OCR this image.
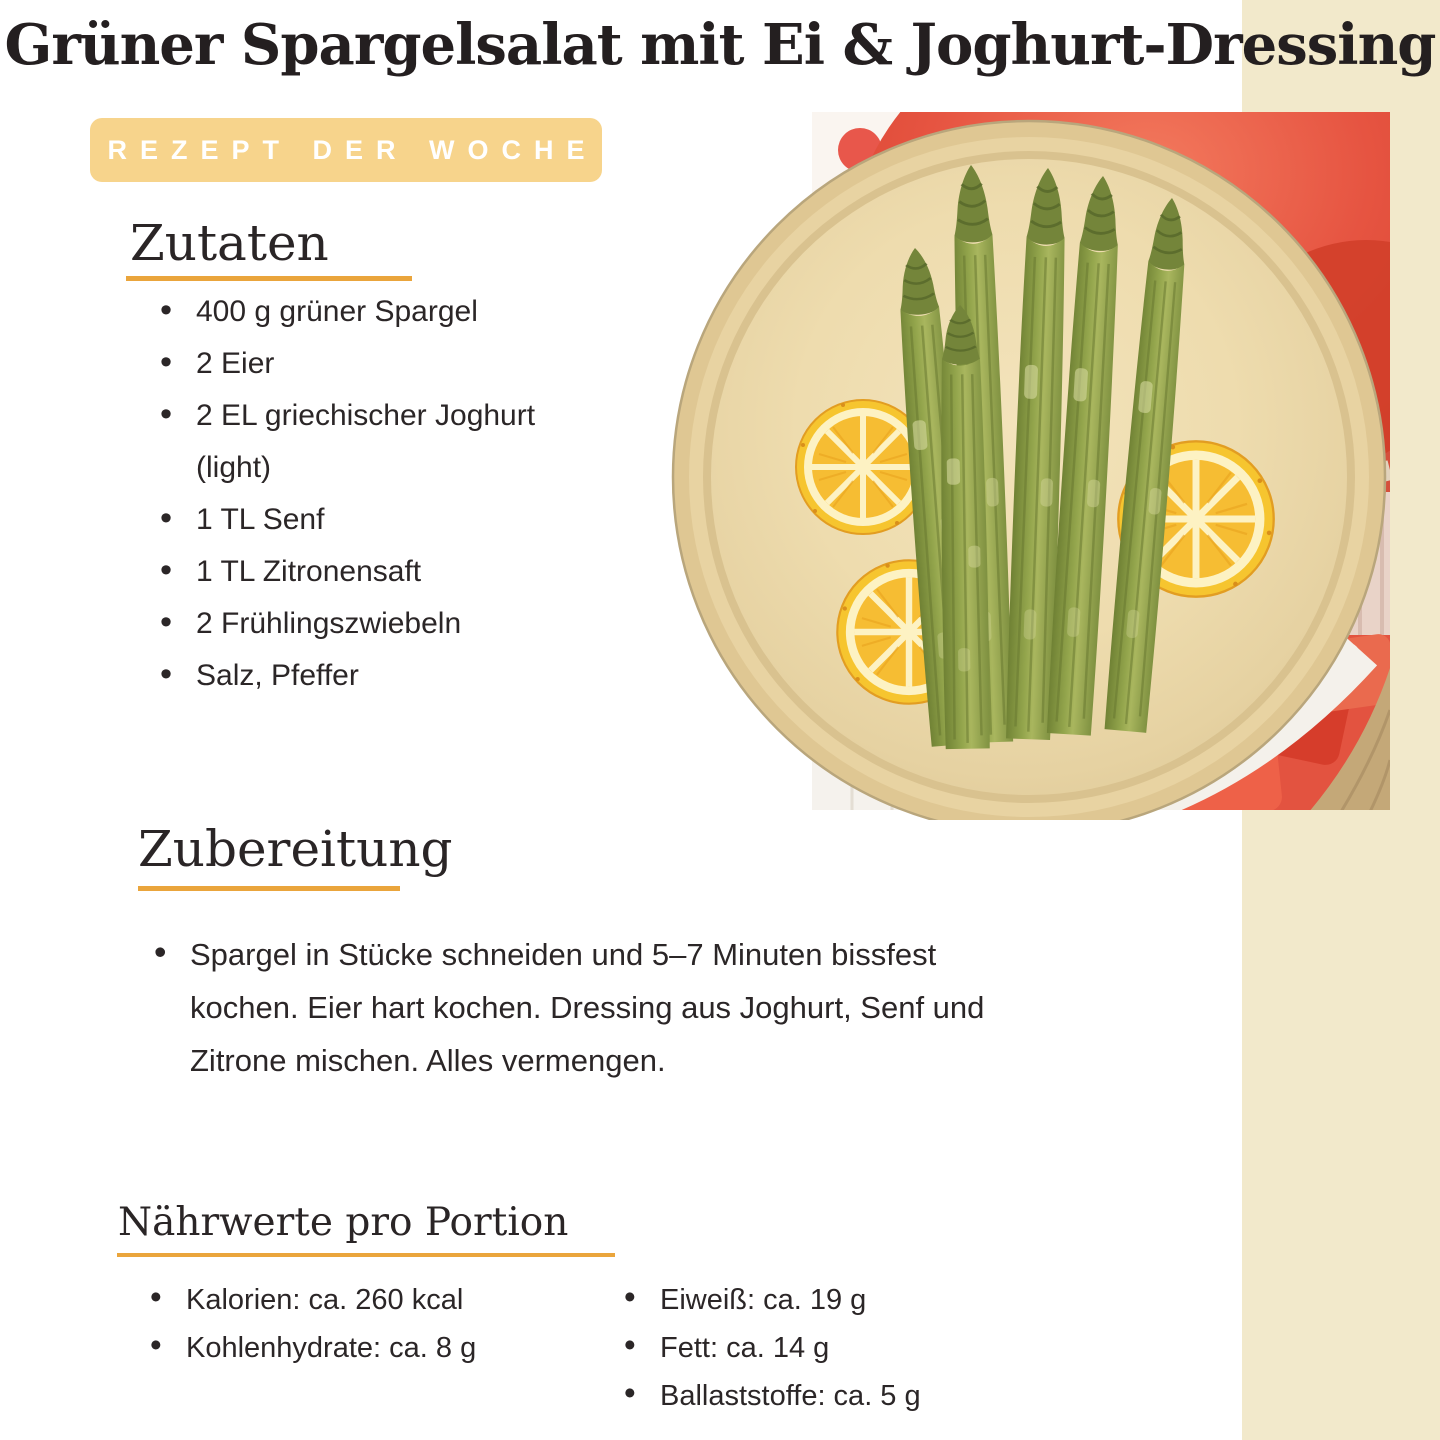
Grüner Spargelsalat mit Ei & Joghurt-Dressing
REZEPT DER WOCHE
Zutaten
• 400 g grüner Spargel
• 2 Eier
• 2 EL griechischer Joghurt (light)
• 1 TL Senf
• 1 TL Zitronensaft
• 2 Frühlingszwiebeln
• Salz, Pfeffer
Zubereitung
• Spargel in Stücke schneiden und 5–7 Minuten bissfest kochen. Eier hart kochen. Dressing aus Joghurt, Senf und Zitrone mischen. Alles vermengen.
Nährwerte pro Portion
• Kalorien: ca. 260 kcal
• Kohlenhydrate: ca. 8 g
• Eiweiß: ca. 19 g
• Fett: ca. 14 g
• Ballaststoffe: ca. 5 g
